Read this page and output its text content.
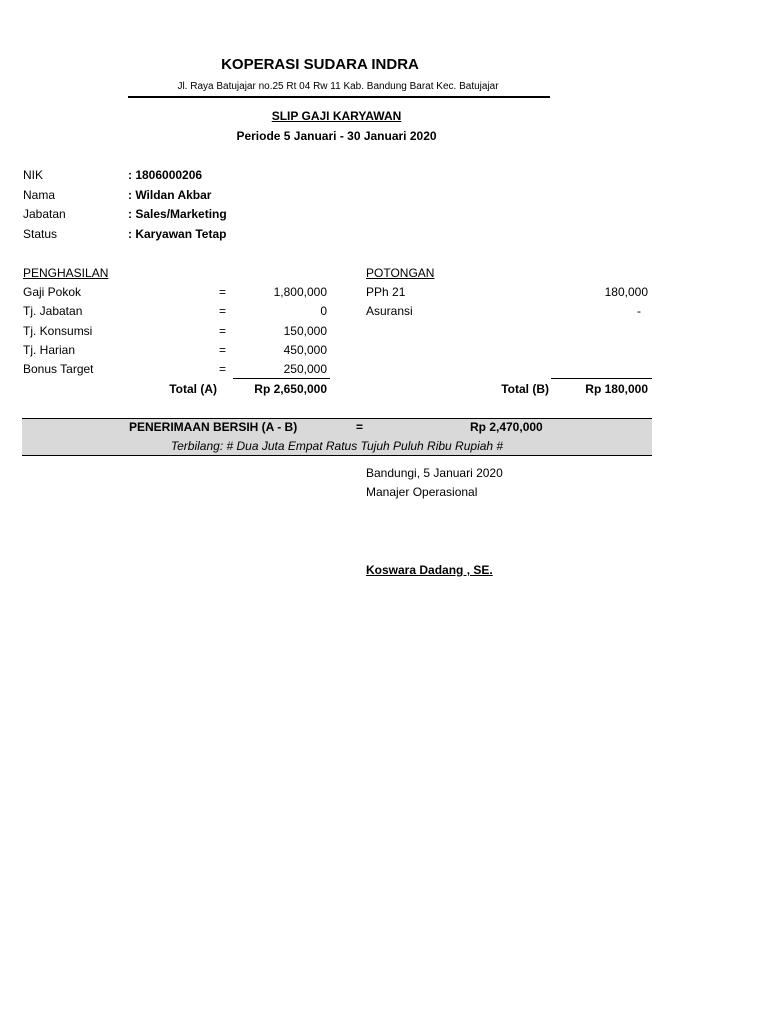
KOPERASI SUDARA INDRA
Jl. Raya Batujajar no.25 Rt 04 Rw 11 Kab. Bandung Barat Kec. Batujajar
SLIP GAJI KARYAWAN
Periode 5 Januari - 30 Januari 2020
NIK	: 1806000206
Nama	: Wildan Akbar
Jabatan	: Sales/Marketing
Status	: Karyawan Tetap
PENGHASILAN
Gaji Pokok	=	1,800,000
Tj. Jabatan	=	0
Tj. Konsumsi	=	150,000
Tj. Harian	=	450,000
Bonus Target	=	250,000
Total (A)	Rp 2,650,000
POTONGAN
PPh 21	180,000
Asuransi	-
Total (B)	Rp 180,000
PENERIMAAN BERSIH (A - B)	=	Rp 2,470,000
Terbilang: # Dua Juta Empat Ratus Tujuh Puluh Ribu Rupiah #
Bandungi, 5 Januari 2020
Manajer Operasional
Koswara Dadang , SE.
